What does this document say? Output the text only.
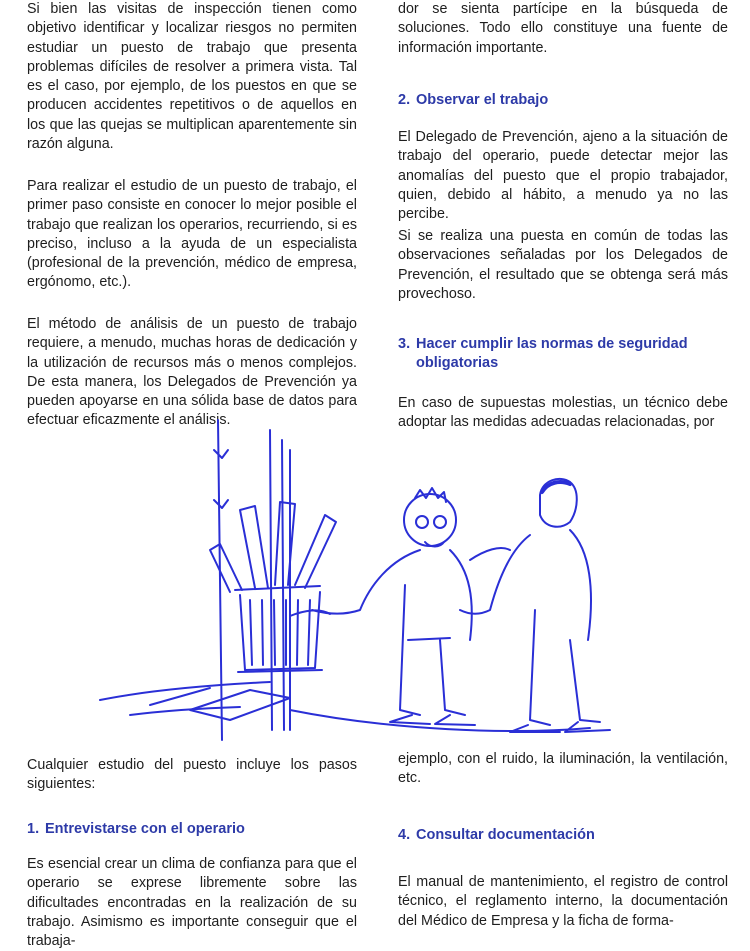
Si bien las visitas de inspección tienen como objetivo identificar y localizar riesgos no permiten estudiar un puesto de trabajo que presenta problemas difíciles de resolver a primera vista. Tal es el caso, por ejemplo, de los puestos en que se producen accidentes repetitivos o de aquellos en los que las quejas se multiplican aparentemente sin razón alguna.

Para realizar el estudio de un puesto de trabajo, el primer paso consiste en conocer lo mejor posible el trabajo que realizan los operarios, recurriendo, si es preciso, incluso a la ayuda de un especialista (profesional de la prevención, médico de empresa, ergónomo, etc.).

El método de análisis de un puesto de trabajo requiere, a menudo, muchas horas de dedicación y la utilización de recursos más o menos complejos. De esta manera, los Delegados de Prevención ya pueden apoyarse en una sólida base de datos para efectuar eficazmente el análisis.

Cualquier estudio del puesto incluye los pasos siguientes:

1. Entrevistarse con el operario

Es esencial crear un clima de confianza para que el operario se exprese libremente sobre las dificultades encontradas en la realización de su trabajo. Asimismo es importante conseguir que el trabaja-

dor se sienta partícipe en la búsqueda de soluciones. Todo ello constituye una fuente de información importante.

2. Observar el trabajo

El Delegado de Prevención, ajeno a la situación de trabajo del operario, puede detectar mejor las anomalías del puesto que el propio trabajador, quien, debido al hábito, a menudo ya no las percibe.

Si se realiza una puesta en común de todas las observaciones señaladas por los Delegados de Prevención, el resultado que se obtenga será más provechoso.

3. Hacer cumplir las normas de seguridad
obligatorias

En caso de supuestas molestias, un técnico debe adoptar las medidas adecuadas relacionadas, por

ejemplo, con el ruido, la iluminación, la ventilación, etc.

4. Consultar documentación

El manual de mantenimiento, el registro de control técnico, el reglamento interno, la documentación del Médico de Empresa y la ficha de forma-
